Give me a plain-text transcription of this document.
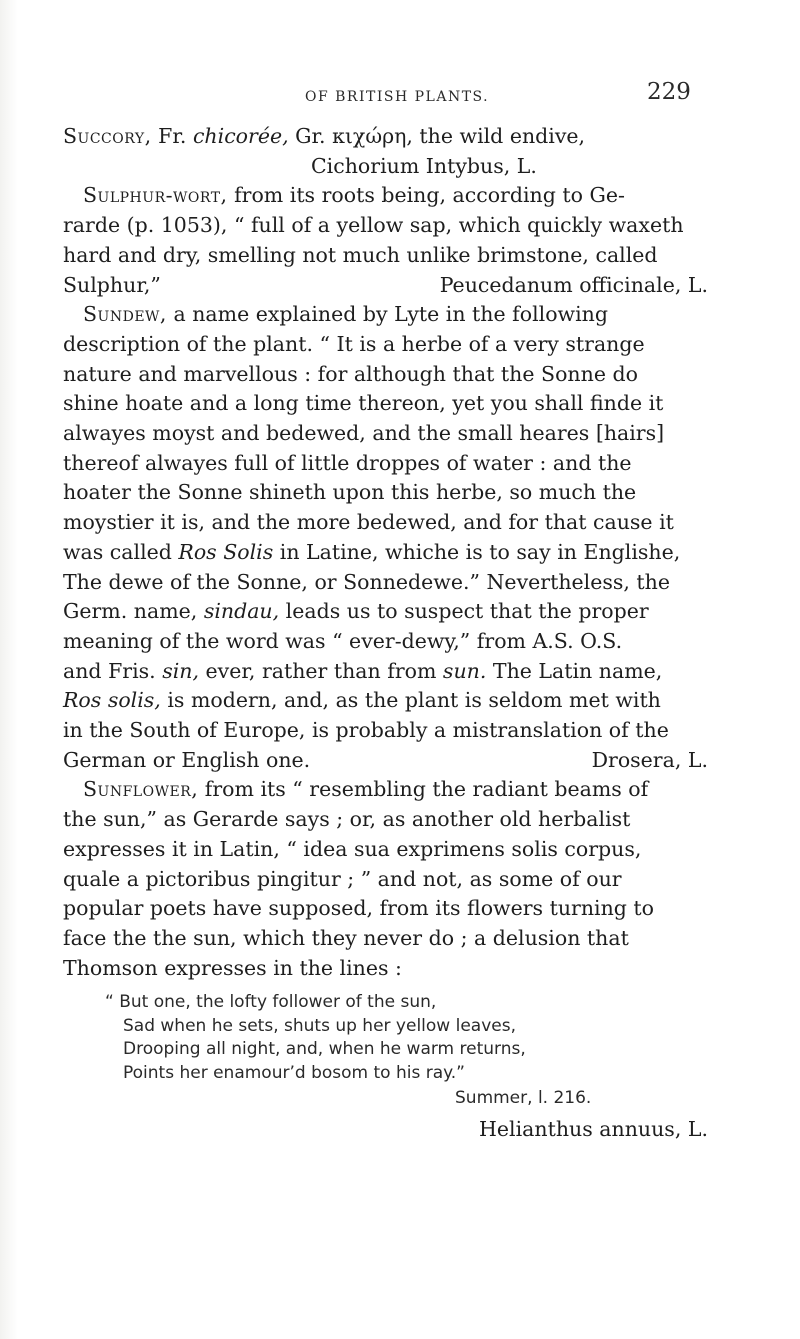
OF BRITISH PLANTS.	229
Succory, Fr. chicorée, Gr. κιχώρη, the wild endive,
Cichorium Intybus, L.
Sulphur-wort, from its roots being, according to Ge-
rarde (p. 1053), “ full of a yellow sap, which quickly waxeth
hard and dry, smelling not much unlike brimstone, called
Sulphur,”	Peucedanum officinale, L.
Sundew, a name explained by Lyte in the following
description of the plant. “ It is a herbe of a very strange
nature and marvellous : for although that the Sonne do
shine hoate and a long time thereon, yet you shall finde it
alwayes moyst and bedewed, and the small heares [hairs]
thereof alwayes full of little droppes of water : and the
hoater the Sonne shineth upon this herbe, so much the
moystier it is, and the more bedewed, and for that cause it
was called Ros Solis in Latine, whiche is to say in Englishe,
The dewe of the Sonne, or Sonnedewe.” Nevertheless, the
Germ. name, sindau, leads us to suspect that the proper
meaning of the word was “ ever-dewy,” from A.S. O.S.
and Fris. sin, ever, rather than from sun. The Latin name,
Ros solis, is modern, and, as the plant is seldom met with
in the South of Europe, is probably a mistranslation of the
German or English one.	Drosera, L.
Sunflower, from its “ resembling the radiant beams of
the sun,” as Gerarde says ; or, as another old herbalist
expresses it in Latin, “ idea sua exprimens solis corpus,
quale a pictoribus pingitur ; ” and not, as some of our
popular poets have supposed, from its flowers turning to
face the the sun, which they never do ; a delusion that
Thomson expresses in the lines :
“ But one, the lofty follower of the sun,
Sad when he sets, shuts up her yellow leaves,
Drooping all night, and, when he warm returns,
Points her enamour’d bosom to his ray.”
Summer, l. 216.
Helianthus annuus, L.
